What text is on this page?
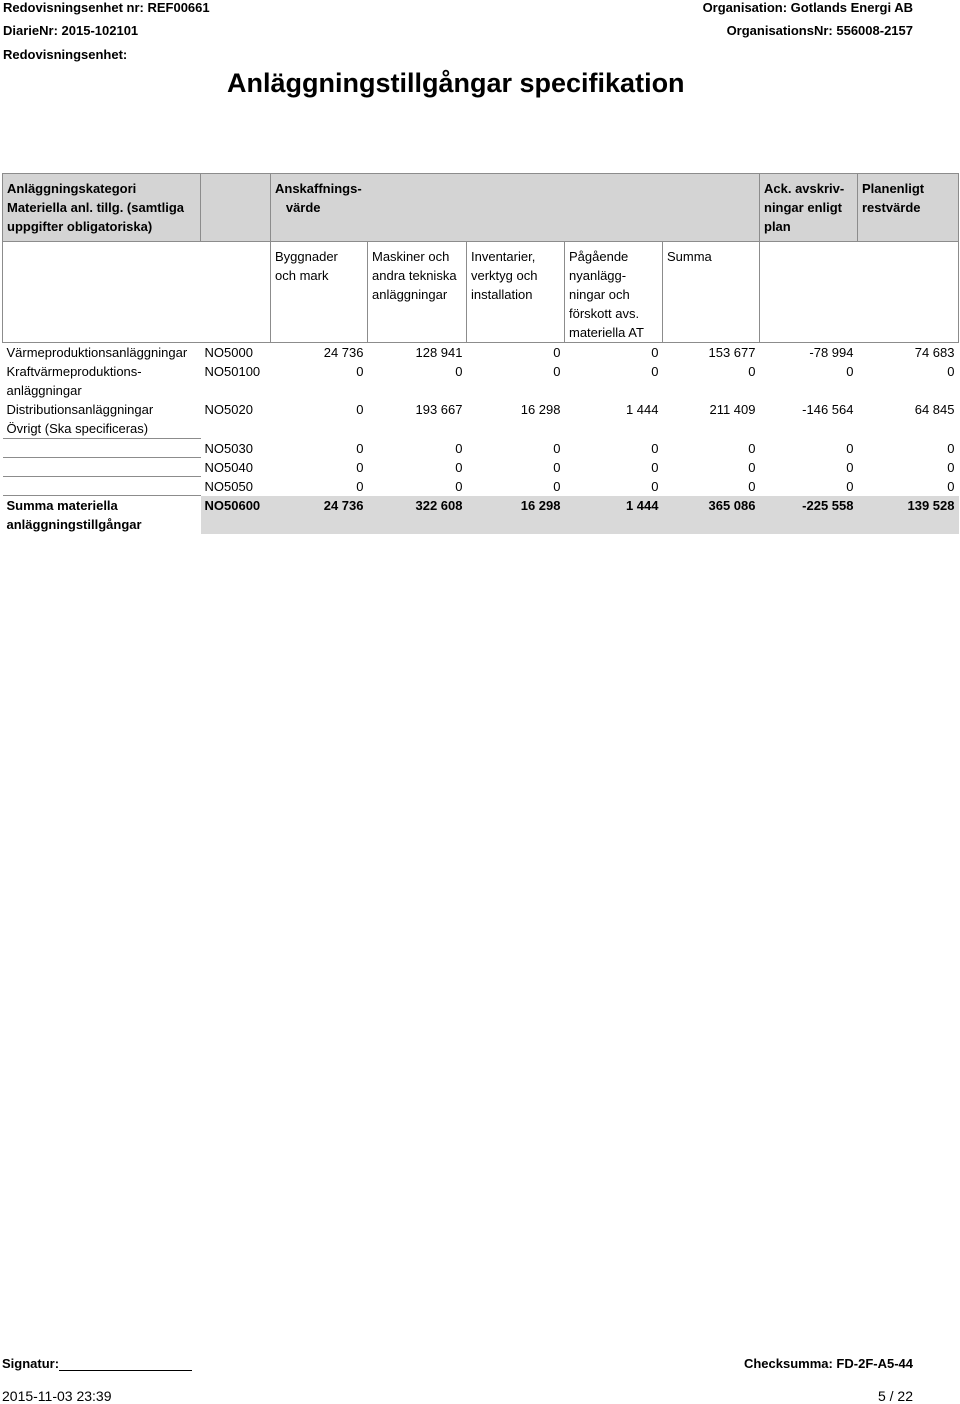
Redovisningsenhet nr: REF00661
DiarieNr: 2015-102101
Redovisningsenhet:
Organisation: Gotlands Energi AB
OrganisationsNr: 556008-2157
Anläggningstillgångar specifikation
Anläggningskategori Materiella anl. tillg. (samtliga uppgifter obligatoriska)		Anskaffnings-   värde					Ack. avskriv-
ningar enligt
plan	Planenligt
restvärde
		Byggnader
och mark	Maskiner och
andra tekniska
anläggningar	Inventarier,
verktyg och
installation	Pågående
nyanlägg-
ningar och
förskott avs.
materiella AT	Summa		
Värmeproduktionsanläggningar	NO5000	24 736	128 941	0	0	153 677	-78 994	74 683
Kraftvärmeproduktions-
anläggningar	NO50100	0	0	0	0	0	0	0
Distributionsanläggningar	NO5020	0	193 667	16 298	1 444	211 409	-146 564	64 845
Övrigt (Ska specificeras)								
	NO5030	0	0	0	0	0	0	0
	NO5040	0	0	0	0	0	0	0
	NO5050	0	0	0	0	0	0	0
Summa materiella
anläggningstillgångar	NO50600	24 736	322 608	16 298	1 444	365 086	-225 558	139 528
Signatur:	Checksumma: FD-2F-A5-44
2015-11-03 23:39	5 / 22
